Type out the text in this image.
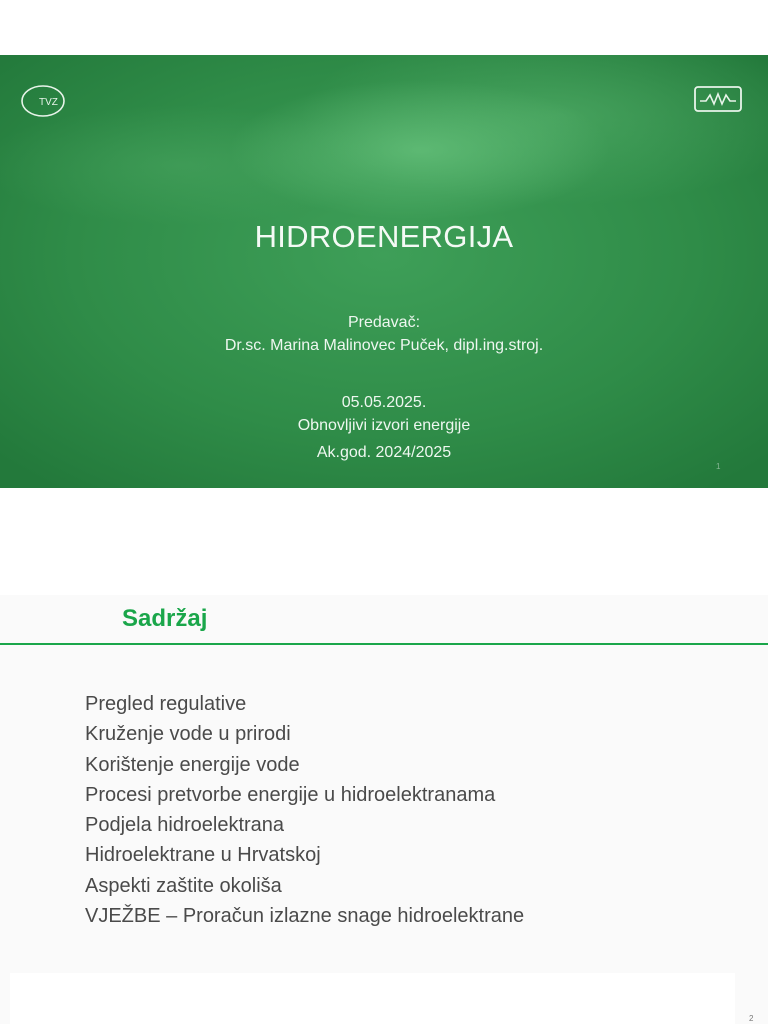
TVZ
HIDROENERGIJA
Predavač:
Dr.sc. Marina Malinovec Puček, dipl.ing.stroj.
05.05.2025.
Obnovljivi izvori energije
Ak.god. 2024/2025
1
Sadržaj
Pregled regulative
Kruženje vode u prirodi
Korištenje energije vode
Procesi pretvorbe energije u hidroelektranama
Podjela hidroelektrana
Hidroelektrane u Hrvatskoj
Aspekti zaštite okoliša
VJEŽBE – Proračun izlazne snage hidroelektrane
2
